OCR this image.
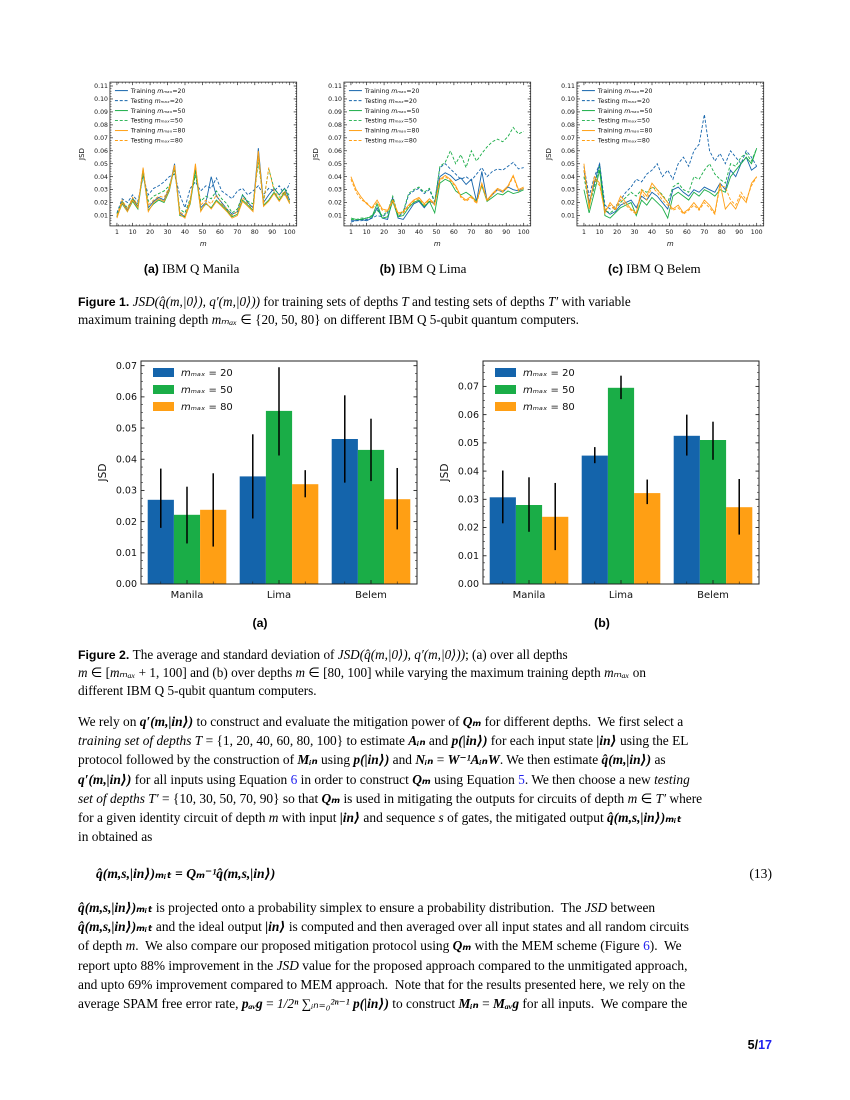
0.01
0.02
0.03
0.04
0.05
0.06
0.07
0.08
0.09
0.10
0.11
1 10 20 30 40 50 60 70 80 90 100
m
JSD
Training mₘₐₓ=20
Testing mₘₐₓ=20
Training mₘₐₓ=50
Testing mₘₐₓ=50
Training mₘₐₓ=80
Testing mₘₐₓ=80
0.01
0.02
0.03
0.04
0.05
0.06
0.07
0.08
0.09
0.10
0.11
1 10 20 30 40 50 60 70 80 90 100
m
JSD
Training mₘₐₓ=20
Testing mₘₐₓ=20
Training mₘₐₓ=50
Testing mₘₐₓ=50
Training mₘₐₓ=80
Testing mₘₐₓ=80
0.01
0.02
0.03
0.04
0.05
0.06
0.07
0.08
0.09
0.10
0.11
1 10 20 30 40 50 60 70 80 90 100
m
JSD
Training mₘₐₓ=20
Testing mₘₐₓ=20
Training mₘₐₓ=50
Testing mₘₐₓ=50
Training mₘₐₓ=80
Testing mₘₐₓ=80
(a) IBM Q Manila	(b) IBM Q Lima	(c) IBM Q Belem
Figure 1. JSD(q̂(m,|0⟩), q′(m,|0⟩)) for training sets of depths T and testing sets of depths T′ with variable
maximum training depth mₘₐₓ ∈ {20, 50, 80} on different IBM Q 5-qubit quantum computers.
0.00
0.01
0.02
0.03
0.04
0.05
0.06
0.07
Manila	Lima	Belem
mₘₐₓ = 20
mₘₐₓ = 50
mₘₐₓ = 80
JSD
0.00
0.01
0.02
0.03
0.04
0.05
0.06
0.07
Manila	Lima	Belem
mₘₐₓ = 20
mₘₐₓ = 50
mₘₐₓ = 80
JSD
(a)	(b)
Figure 2. The average and standard deviation of JSD(q̂(m,|0⟩), q′(m,|0⟩)); (a) over all depths
m ∈ [mₘₐₓ + 1, 100] and (b) over depths m ∈ [80, 100] while varying the maximum training depth mₘₐₓ on
different IBM Q 5-qubit quantum computers.
We rely on q′(m,|in⟩) to construct and evaluate the mitigation power of Qₘ for different depths.  We first select a
training set of depths T = {1, 20, 40, 60, 80, 100} to estimate Aᵢₙ and p(|in⟩) for each input state |in⟩ using the EL
protocol followed by the construction of Mᵢₙ using p(|in⟩) and Nᵢₙ = W⁻¹AᵢₙW. We then estimate q̂(m,|in⟩) as
q′(m,|in⟩) for all inputs using Equation 6 in order to construct Qₘ using Equation 5. We then choose a new testing
set of depths T′ = {10, 30, 50, 70, 90} so that Qₘ is used in mitigating the outputs for circuits of depth m ∈ T′ where
for a given identity circuit of depth m with input |in⟩ and sequence s of gates, the mitigated output q̂(m,s,|in⟩)ₘᵢₜ
in obtained as
q̂(m,s,|in⟩)ₘᵢₜ = Qₘ⁻¹q̂(m,s,|in⟩)	(13)
q̂(m,s,|in⟩)ₘᵢₜ is projected onto a probability simplex to ensure a probability distribution.  The JSD between
q̂(m,s,|in⟩)ₘᵢₜ and the ideal output |in⟩ is computed and then averaged over all input states and all random circuits
of depth m.  We also compare our proposed mitigation protocol using Qₘ with the MEM scheme (Figure 6).  We
report upto 88% improvement in the JSD value for the proposed approach compared to the unmitigated approach,
and upto 69% improvement compared to MEM approach.  Note that for the results presented here, we rely on the
average SPAM free error rate, pₐᵥg = 1/2ⁿ ∑ᵢₙ₌₀²ⁿ⁻¹ p(|in⟩) to construct Mᵢₙ = Mₐᵥg for all inputs.  We compare the
5/17
